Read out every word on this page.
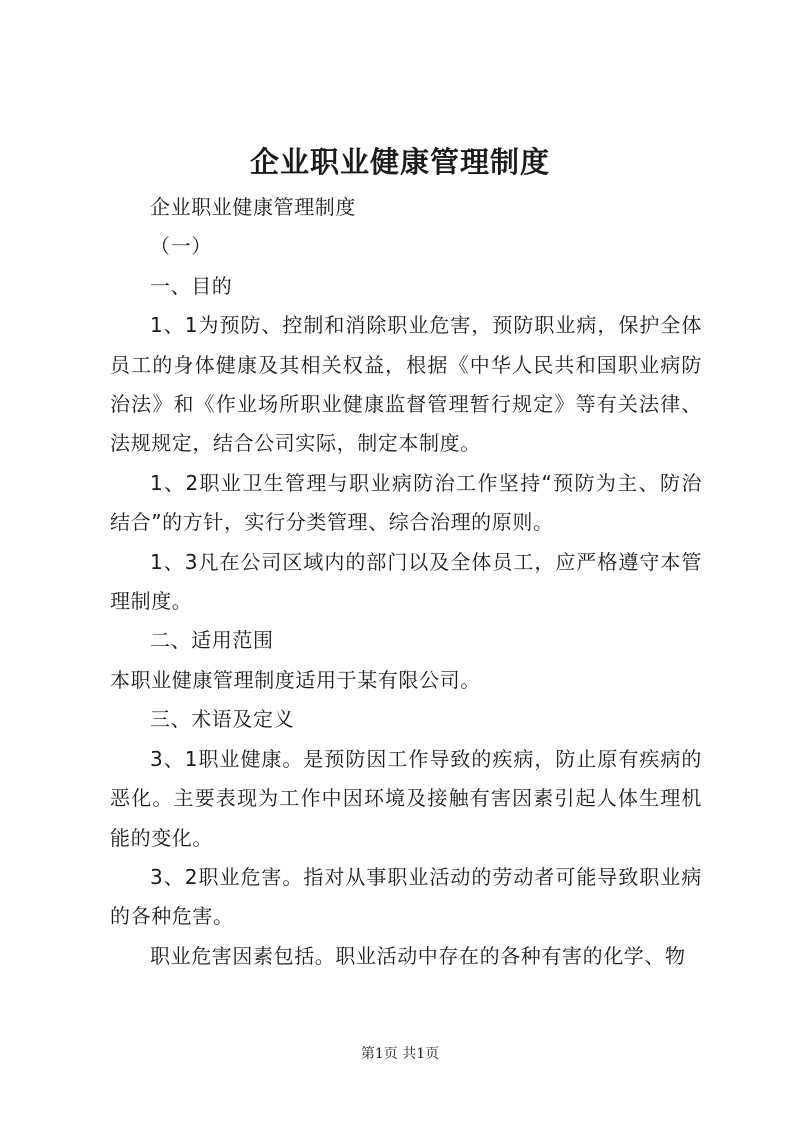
企业职业健康管理制度

企业职业健康管理制度

（一）

一、目的

1、1为预防、控制和消除职业危害，预防职业病，保护全体员工的身体健康及其相关权益，根据《中华人民共和国职业病防治法》和《作业场所职业健康监督管理暂行规定》等有关法律、法规规定，结合公司实际，制定本制度。

1、2职业卫生管理与职业病防治工作坚持“预防为主、防治结合”的方针，实行分类管理、综合治理的原则。

1、3凡在公司区域内的部门以及全体员工，应严格遵守本管理制度。

二、适用范围

本职业健康管理制度适用于某有限公司。

三、术语及定义

3、1职业健康。是预防因工作导致的疾病，防止原有疾病的恶化。主要表现为工作中因环境及接触有害因素引起人体生理机能的变化。

3、2职业危害。指对从事职业活动的劳动者可能导致职业病的各种危害。

职业危害因素包括。职业活动中存在的各种有害的化学、物

第1页 共1页
